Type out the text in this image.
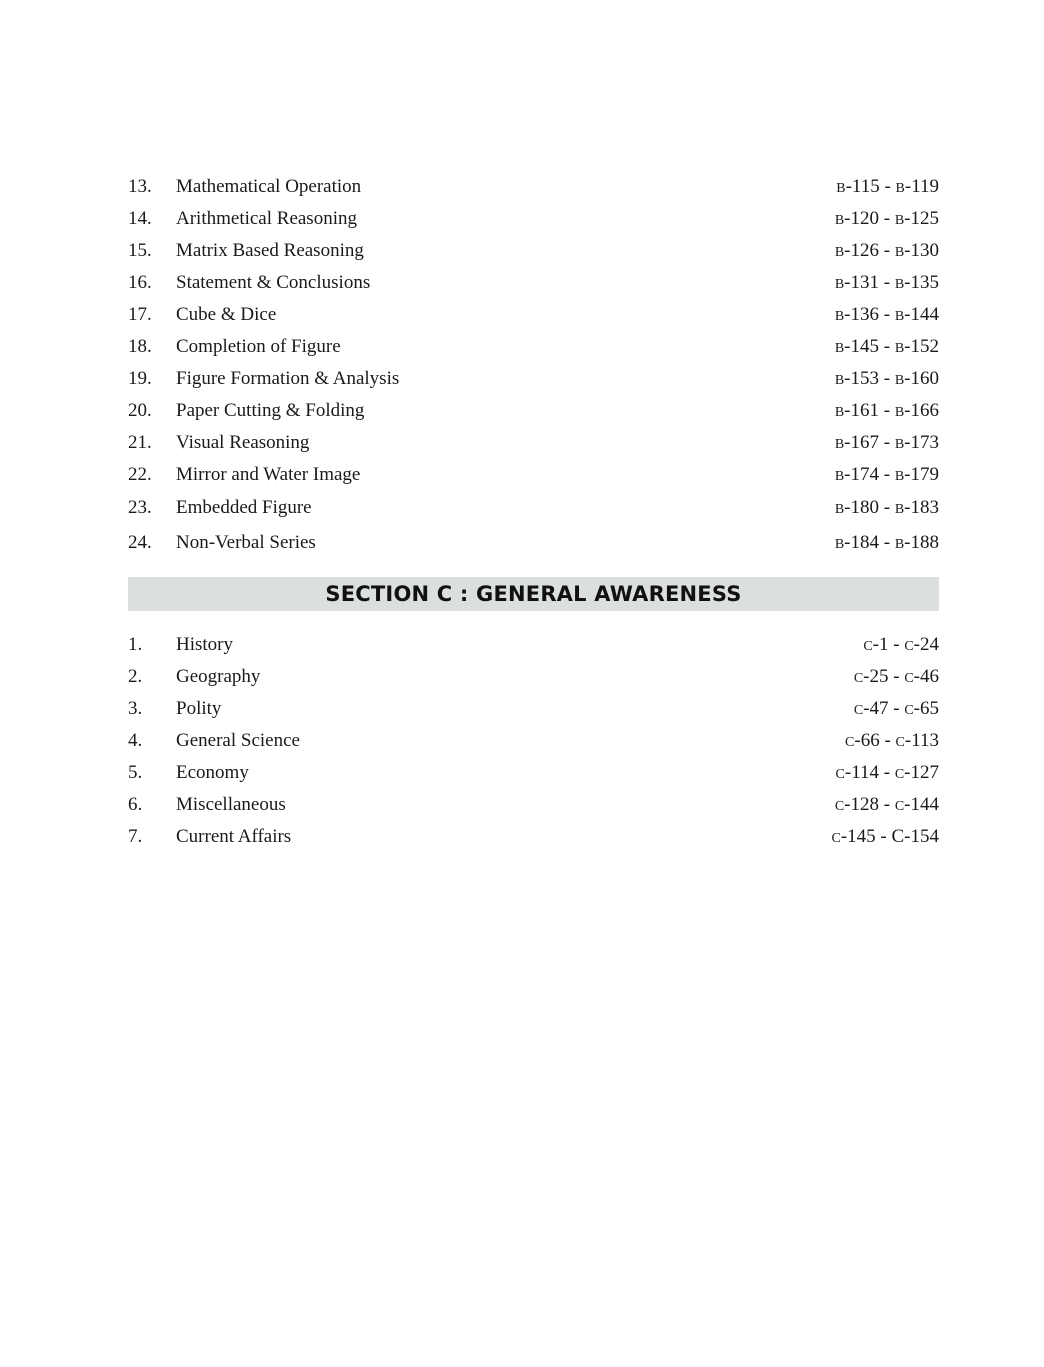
13. Mathematical Operation	B-115 - B-119
14. Arithmetical Reasoning	B-120 - B-125
15. Matrix Based Reasoning	B-126 - B-130
16. Statement & Conclusions	B-131 - B-135
17. Cube & Dice	B-136 - B-144
18. Completion of Figure	B-145 - B-152
19. Figure Formation & Analysis	B-153 - B-160
20. Paper Cutting & Folding	B-161 - B-166
21. Visual Reasoning	B-167 - B-173
22. Mirror and Water Image	B-174 - B-179
23. Embedded Figure	B-180 - B-183
24. Non-Verbal Series	B-184 - B-188
SECTION C : GENERAL AWARENESS
1. History	C-1 - C-24
2. Geography	C-25 - C-46
3. Polity	C-47 - C-65
4. General Science	C-66 - C-113
5. Economy	C-114 - C-127
6. Miscellaneous	C-128 - C-144
7. Current Affairs	C-145 - C-154
